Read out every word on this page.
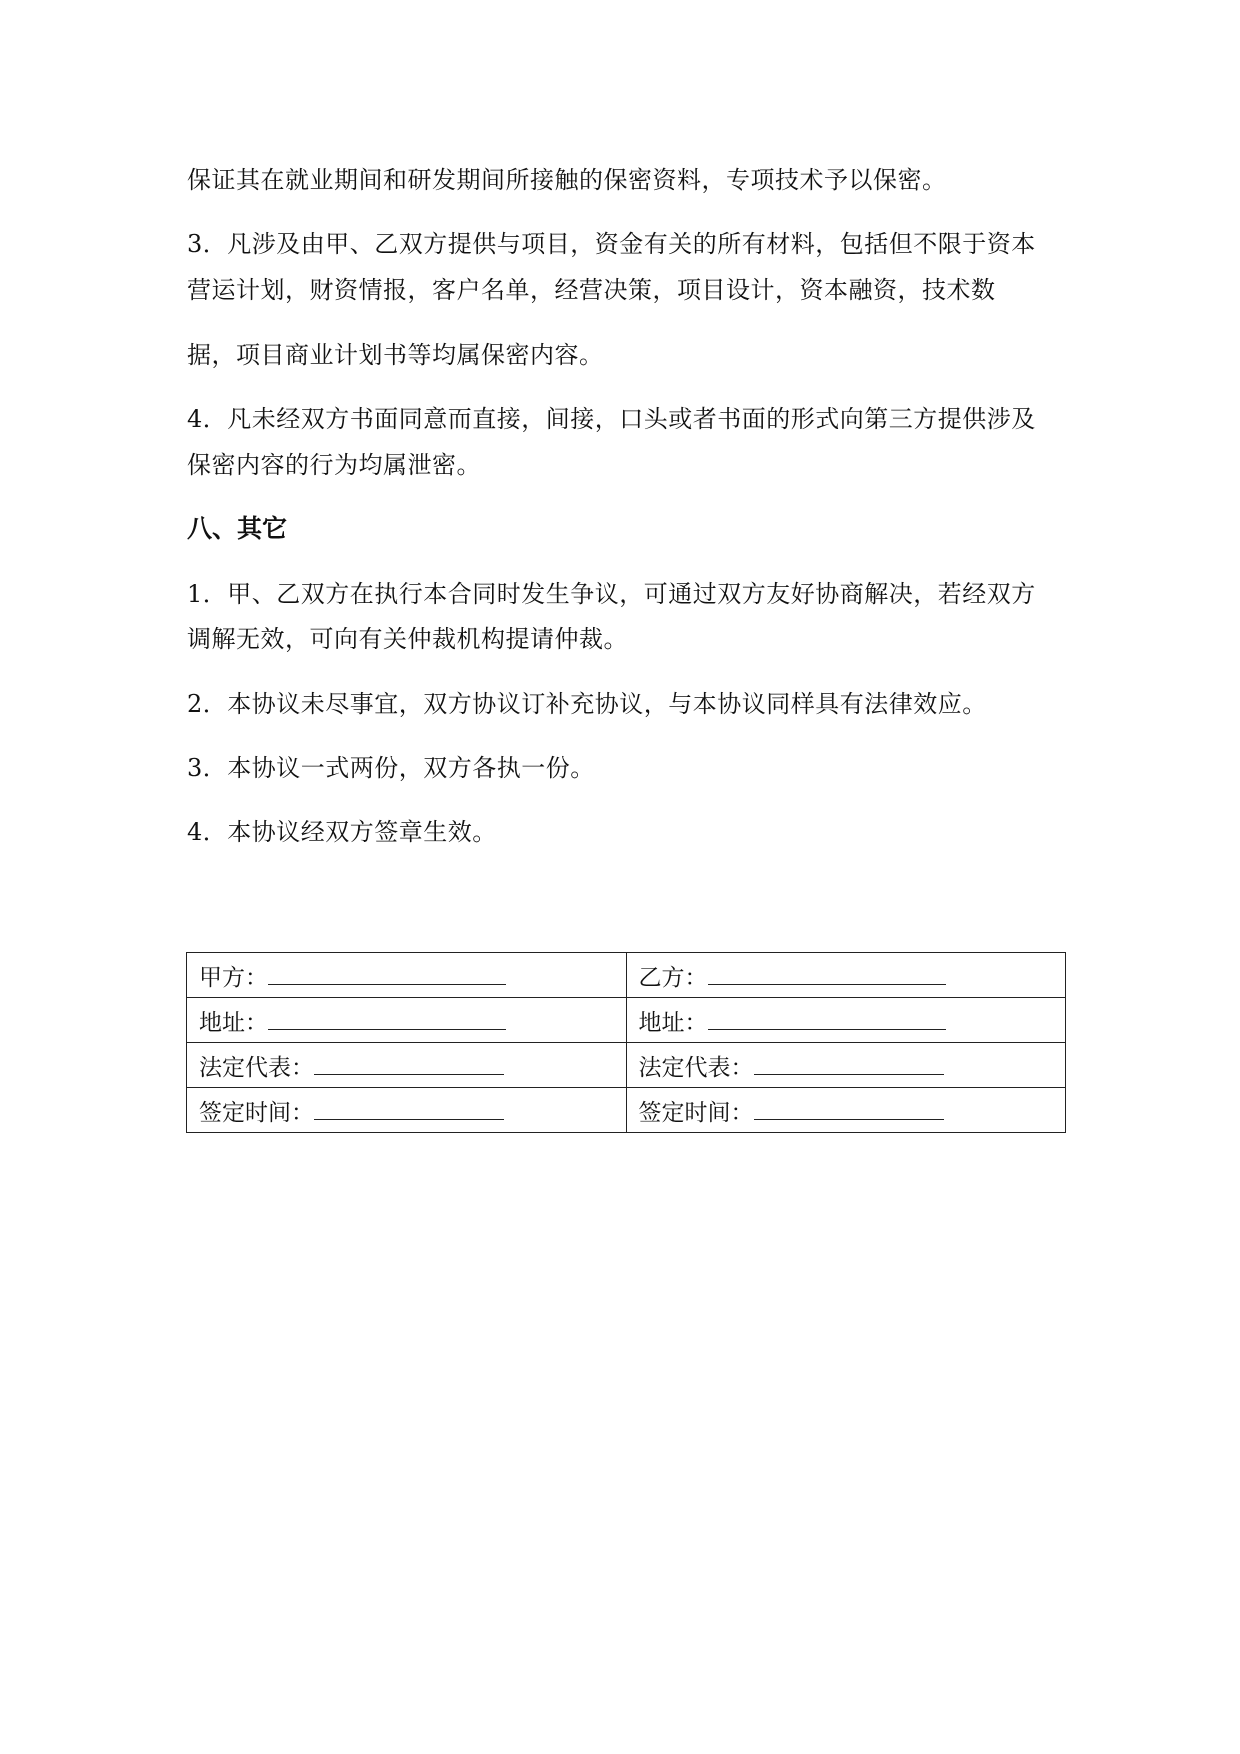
保证其在就业期间和研发期间所接触的保密资料，专项技术予以保密。
3．凡涉及由甲、乙双方提供与项目，资金有关的所有材料，包括但不限于资本
营运计划，财资情报，客户名单，经营决策，项目设计，资本融资，技术数
据，项目商业计划书等均属保密内容。
4．凡未经双方书面同意而直接，间接，口头或者书面的形式向第三方提供涉及
保密内容的行为均属泄密。
八、其它
1．甲、乙双方在执行本合同时发生争议，可通过双方友好协商解决，若经双方
调解无效，可向有关仲裁机构提请仲裁。
2．本协议未尽事宜，双方协议订补充协议，与本协议同样具有法律效应。
3．本协议一式两份，双方各执一份。
4．本协议经双方签章生效。
甲方：	乙方：
地址：	地址：
法定代表：	法定代表：
签定时间：	签定时间：
